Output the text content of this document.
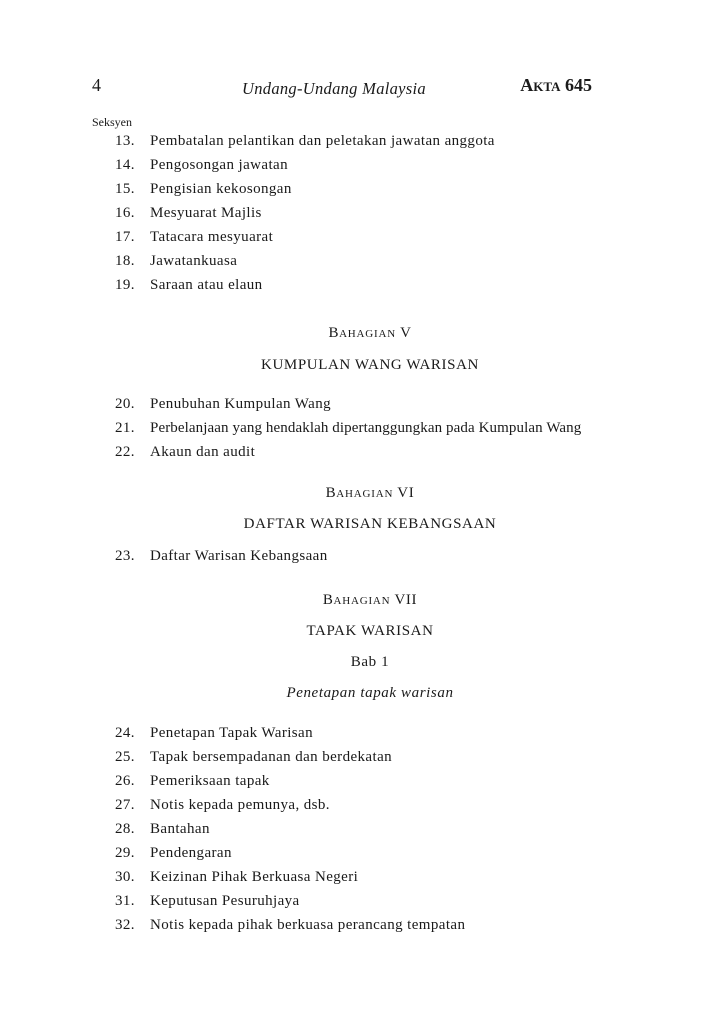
4	Undang-Undang Malaysia	AKTA 645
Seksyen
13. Pembatalan pelantikan dan peletakan jawatan anggota
14. Pengosongan jawatan
15. Pengisian kekosongan
16. Mesyuarat Majlis
17. Tatacara mesyuarat
18. Jawatankuasa
19. Saraan atau elaun
BAHAGIAN V
KUMPULAN WANG WARISAN
20. Penubuhan Kumpulan Wang
21. Perbelanjaan yang hendaklah dipertanggungkan pada Kumpulan Wang
22. Akaun dan audit
BAHAGIAN VI
DAFTAR WARISAN KEBANGSAAN
23. Daftar Warisan Kebangsaan
BAHAGIAN VII
TAPAK WARISAN
Bab 1
Penetapan tapak warisan
24. Penetapan Tapak Warisan
25. Tapak bersempadanan dan berdekatan
26. Pemeriksaan tapak
27. Notis kepada pemunya, dsb.
28. Bantahan
29. Pendengaran
30. Keizinan Pihak Berkuasa Negeri
31. Keputusan Pesuruhjaya
32. Notis kepada pihak berkuasa perancang tempatan
